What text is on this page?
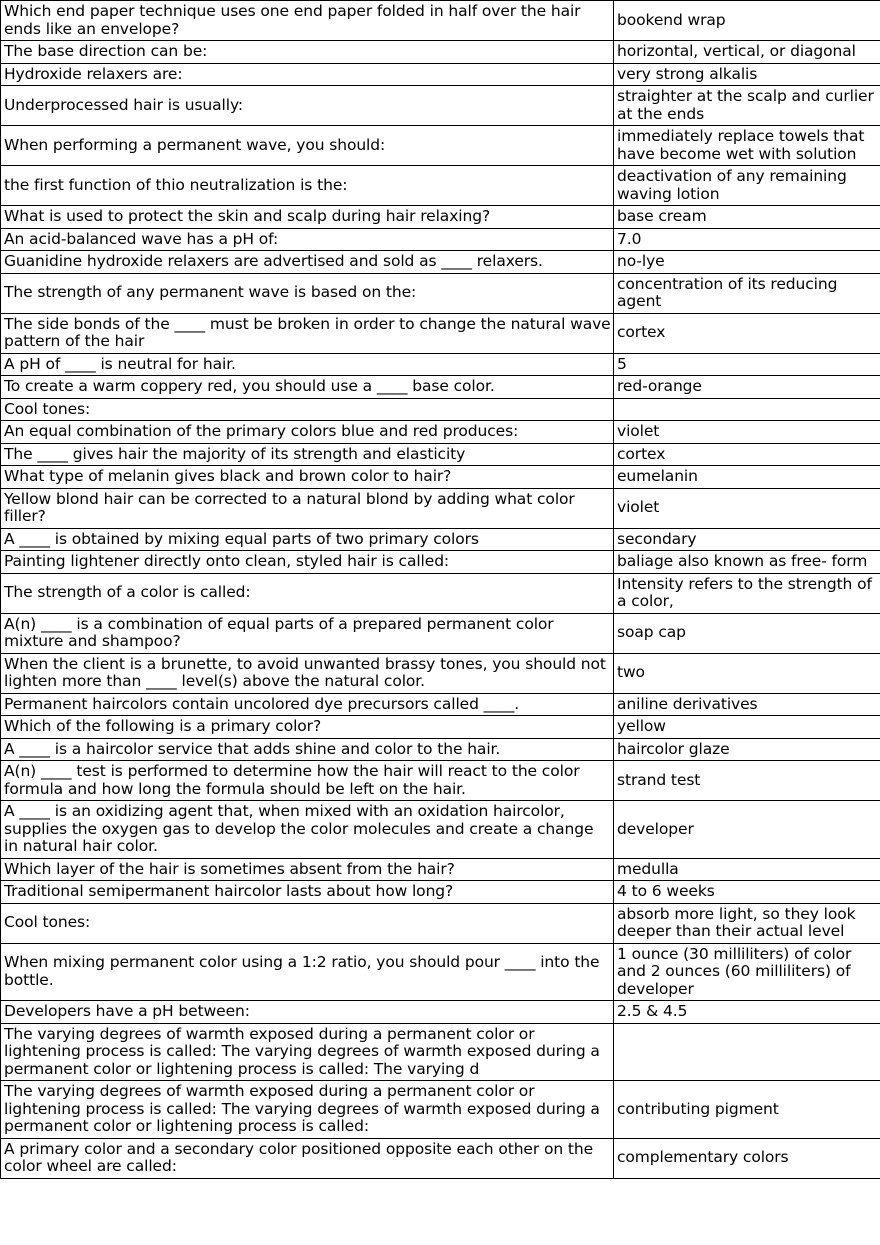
Which end paper technique uses one end paper folded in half over the hair ends like an envelope?	bookend wrap
The base direction can be:	horizontal, vertical, or diagonal
Hydroxide relaxers are:	very strong alkalis
Underprocessed hair is usually:	straighter at the scalp and curlier at the ends
When performing a permanent wave, you should:	immediately replace towels that have become wet with solution
the first function of thio neutralization is the:	deactivation of any remaining waving lotion
What is used to protect the skin and scalp during hair relaxing?	base cream
An acid-balanced wave has a pH of:	7.0
Guanidine hydroxide relaxers are advertised and sold as ____ relaxers.	no-lye
The strength of any permanent wave is based on the:	concentration of its reducing agent
The side bonds of the ____ must be broken in order to change the natural wave pattern of the hair	cortex
A pH of ____ is neutral for hair.	5
To create a warm coppery red, you should use a ____ base color.	red-orange
Cool tones:	
An equal combination of the primary colors blue and red produces:	violet
The ____ gives hair the majority of its strength and elasticity	cortex
What type of melanin gives black and brown color to hair?	eumelanin
Yellow blond hair can be corrected to a natural blond by adding what color filler?	violet
A ____ is obtained by mixing equal parts of two primary colors	secondary
Painting lightener directly onto clean, styled hair is called:	baliage also known as free- form
The strength of a color is called:	Intensity refers to the strength of a color,
A(n) ____ is a combination of equal parts of a prepared permanent color mixture and shampoo?	soap cap
When the client is a brunette, to avoid unwanted brassy tones, you should not lighten more than ____ level(s) above the natural color.	two
Permanent haircolors contain uncolored dye precursors called ____.	aniline derivatives
Which of the following is a primary color?	yellow
A ____ is a haircolor service that adds shine and color to the hair.	haircolor glaze
A(n) ____ test is performed to determine how the hair will react to the color formula and how long the formula should be left on the hair.	strand test
A ____ is an oxidizing agent that, when mixed with an oxidation haircolor, supplies the oxygen gas to develop the color molecules and create a change in natural hair color.	developer
Which layer of the hair is sometimes absent from the hair?	medulla
Traditional semipermanent haircolor lasts about how long?	4 to 6 weeks
Cool tones:	absorb more light, so they look deeper than their actual level
When mixing permanent color using a 1:2 ratio, you should pour ____ into the bottle.	1 ounce (30 milliliters) of color and 2 ounces (60 milliliters) of developer
Developers have a pH between:	2.5 & 4.5
The varying degrees of warmth exposed during a permanent color or lightening process is called: The varying degrees of warmth exposed during a permanent color or lightening process is called: The varying d	
The varying degrees of warmth exposed during a permanent color or lightening process is called: The varying degrees of warmth exposed during a permanent color or lightening process is called:	contributing pigment
A primary color and a secondary color positioned opposite each other on the color wheel are called:	complementary colors
